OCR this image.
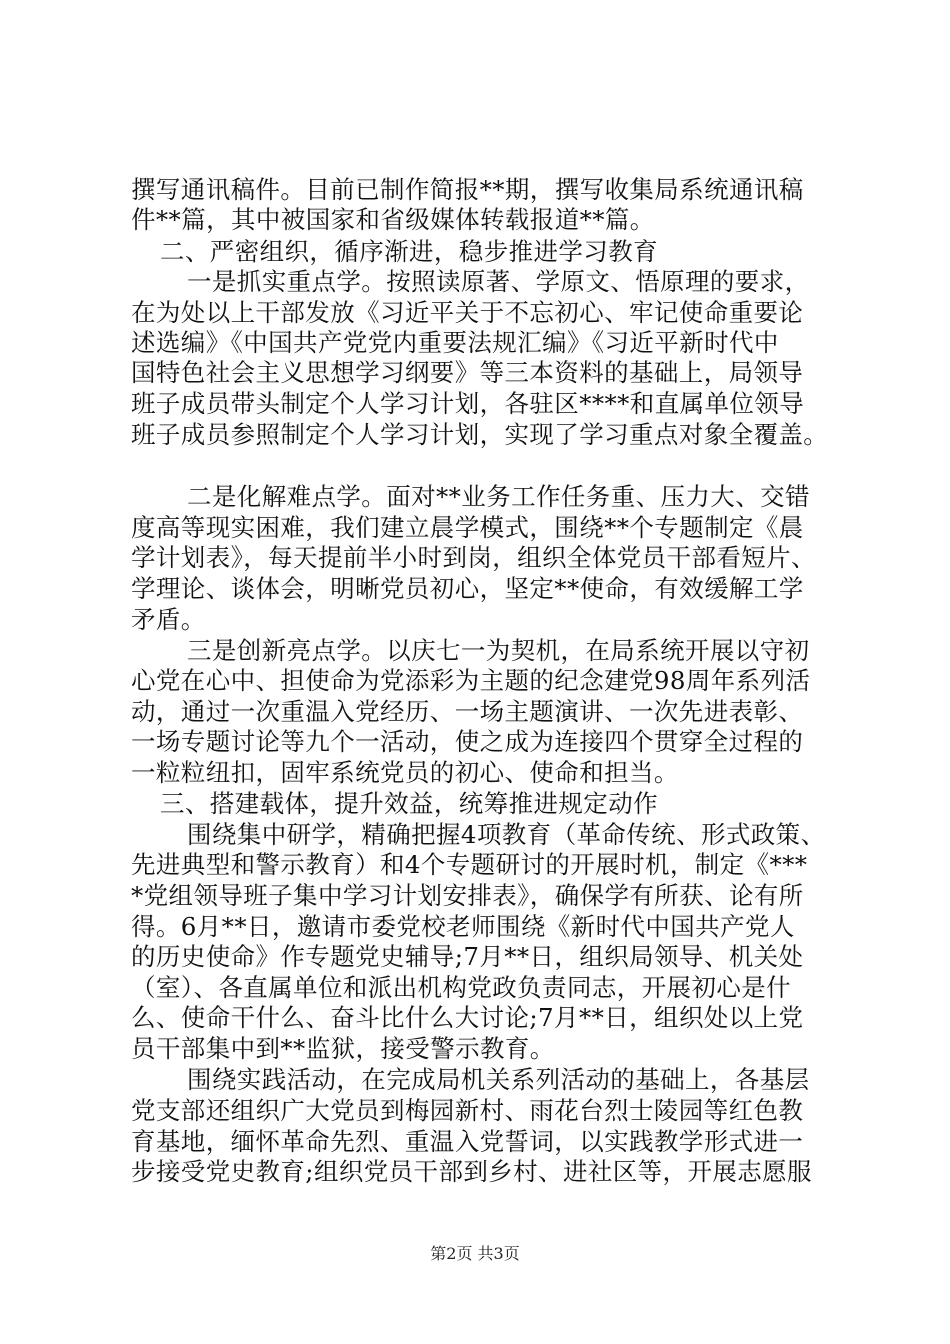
撰写通讯稿件。目前已制作简报**期，撰写收集局系统通讯稿
件**篇，其中被国家和省级媒体转载报道**篇。
二、严密组织，循序渐进，稳步推进学习教育
一是抓实重点学。按照读原著、学原文、悟原理的要求，
在为处以上干部发放《习近平关于不忘初心、牢记使命重要论
述选编》《中国共产党党内重要法规汇编》《习近平新时代中
国特色社会主义思想学习纲要》等三本资料的基础上，局领导
班子成员带头制定个人学习计划，各驻区****和直属单位领导
班子成员参照制定个人学习计划，实现了学习重点对象全覆盖。
二是化解难点学。面对**业务工作任务重、压力大、交错
度高等现实困难，我们建立晨学模式，围绕**个专题制定《晨
学计划表》，每天提前半小时到岗，组织全体党员干部看短片、
学理论、谈体会，明晰党员初心，坚定**使命，有效缓解工学
矛盾。
三是创新亮点学。以庆七一为契机，在局系统开展以守初
心党在心中、担使命为党添彩为主题的纪念建党98周年系列活
动，通过一次重温入党经历、一场主题演讲、一次先进表彰、
一场专题讨论等九个一活动，使之成为连接四个贯穿全过程的
一粒粒纽扣，固牢系统党员的初心、使命和担当。
三、搭建载体，提升效益，统筹推进规定动作
围绕集中研学，精确把握4项教育（革命传统、形式政策、
先进典型和警示教育）和4个专题研讨的开展时机，制定《***
*党组领导班子集中学习计划安排表》，确保学有所获、论有所
得。6月**日，邀请市委党校老师围绕《新时代中国共产党人
的历史使命》作专题党史辅导;7月**日，组织局领导、机关处
（室）、各直属单位和派出机构党政负责同志，开展初心是什
么、使命干什么、奋斗比什么大讨论;7月**日，组织处以上党
员干部集中到**监狱，接受警示教育。
围绕实践活动，在完成局机关系列活动的基础上，各基层
党支部还组织广大党员到梅园新村、雨花台烈士陵园等红色教
育基地，缅怀革命先烈、重温入党誓词，以实践教学形式进一
步接受党史教育;组织党员干部到乡村、进社区等，开展志愿服
第2页 共3页
